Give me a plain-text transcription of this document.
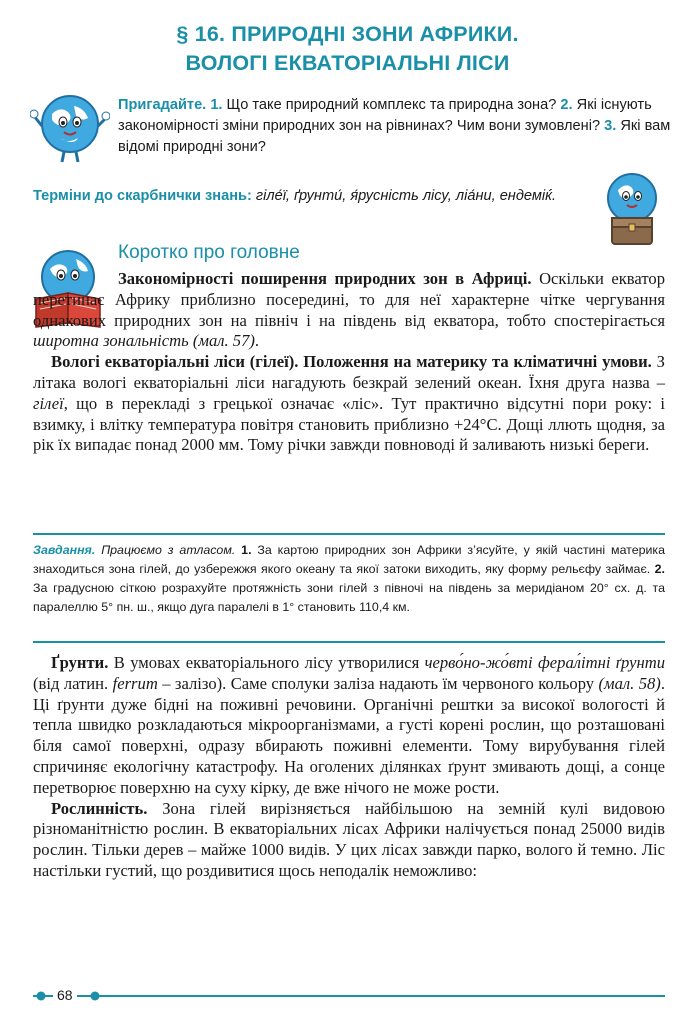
§ 16. ПРИРОДНІ ЗОНИ АФРИКИ.
ВОЛОГІ ЕКВАТОРІАЛЬНІ ЛІСИ
Пригадайте. 1. Що таке природний комплекс та природна зона? 2. Які існують закономірності зміни природних зон на рівнинах? Чим вони зумовлені? 3. Які вам відомі природні зони?
Терміни до скарбнички знань: гіле́ї, ґрунти́, я́русність лісу, ліа́ни, ендеміќ.
Коротко про головне

Закономірності поширення природних зон в Африці. Оскільки екватор перетинає Африку приблизно посередині, то для неї характерне чітке чергування однакових природних зон на північ і на південь від екватора, тобто спостерігається широтна зональність (мал. 57).

Вологі екваторіальні ліси (гілеї). Положення на материку та кліматичні умови. З літака вологі екваторіальні ліси нагадують безкрай зелений океан. Їхня друга назва – гілеї, що в перекладі з грецької означає «ліс». Тут практично відсутні пори року: і взимку, і влітку температура повітря становить приблизно +24°С. Дощі ллють щодня, за рік їх випадає понад 2000 мм. Тому річки завжди повноводі й заливають низькі береги.

Завдання. Працюємо з атласом. 1. За картою природних зон Африки з’ясуйте, у якій частині материка знаходиться зона гілей, до узбережжя якого океану та якої затоки виходить, яку форму рельєфу займає. 2. За градусною сіткою розрахуйте протяжність зони гілей з півночі на південь за меридіаном 20° сх. д. та паралеллю 5° пн. ш., якщо дуга паралелі в 1° становить 110,4 км.

Ґрунти. В умовах екваторіального лісу утворилися черво́но-жо́вті ферал́ітні ґрунти (від латин. ferrum – залізо). Саме сполуки заліза надають їм червоного кольору (мал. 58). Ці ґрунти дуже бідні на поживні речовини. Органічні рештки за високої вологості й тепла швидко розкладаються мікроорганізмами, а густі корені рослин, що розташовані біля самої поверхні, одразу вбирають поживні елементи. Тому вирубування гілей спричиняє екологічну катастрофу. На оголених ділянках ґрунт змивають дощі, а сонце перетворює поверхню на суху кірку, де вже нічого не може рости.

Рослинність. Зона гілей вирізняється найбільшою на земній кулі видовою різноманітністю рослин. В екваторіальних лісах Африки налічується понад 25000 видів рослин. Тільки дерев – майже 1000 видів. У цих лісах завжди парко, волого й темно. Ліс настільки густий, що роздивитися щось неподалік неможливо:

68
